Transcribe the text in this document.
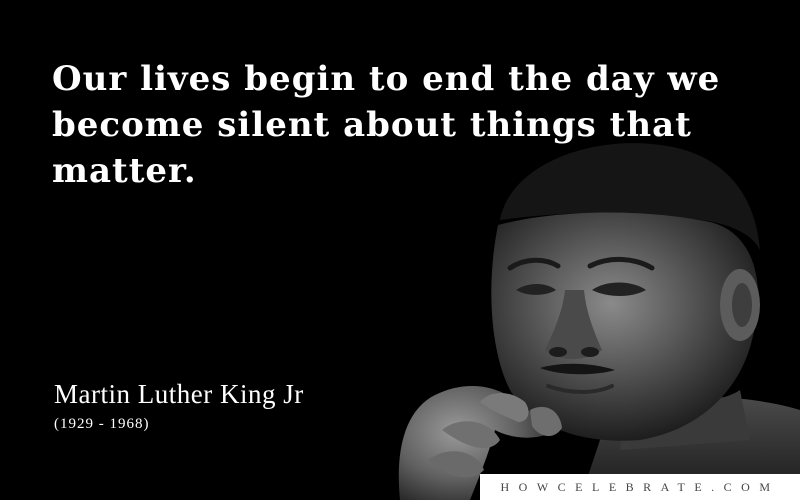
Our lives begin to end the day we
become silent about things that
matter.

Martin Luther King Jr

(1929 - 1968)

HOWCELEBRATE.COM
